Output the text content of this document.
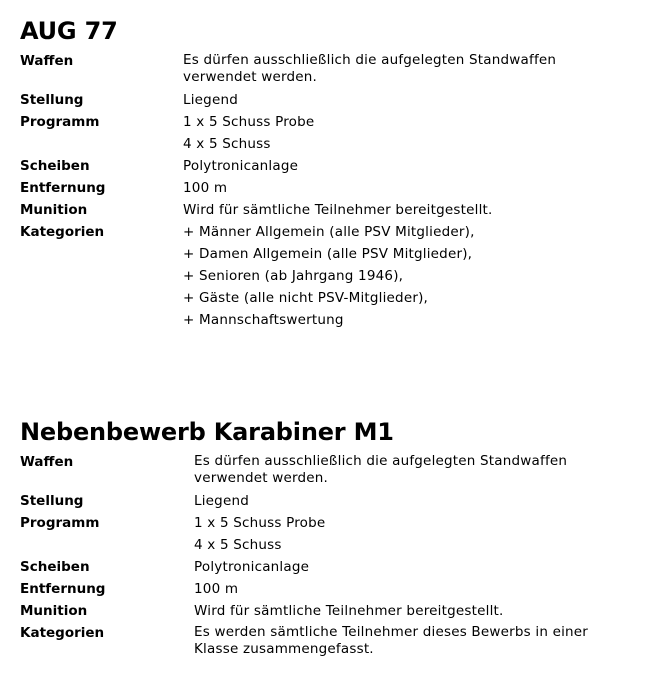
AUG 77
Waffen	Es dürfen ausschließlich die aufgelegten Standwaffen
verwendet werden.
Stellung	Liegend
Programm	1 x 5 Schuss Probe
4 x 5 Schuss
Scheiben	Polytronicanlage
Entfernung	100 m
Munition	Wird für sämtliche Teilnehmer bereitgestellt.
Kategorien	+ Männer Allgemein (alle PSV Mitglieder),
+ Damen Allgemein (alle PSV Mitglieder),
+ Senioren (ab Jahrgang 1946),
+ Gäste (alle nicht PSV-Mitglieder),
+ Mannschaftswertung
Nebenbewerb Karabiner M1
Waffen	Es dürfen ausschließlich die aufgelegten Standwaffen
verwendet werden.
Stellung	Liegend
Programm	1 x 5 Schuss Probe
4 x 5 Schuss
Scheiben	Polytronicanlage
Entfernung	100 m
Munition	Wird für sämtliche Teilnehmer bereitgestellt.
Kategorien	Es werden sämtliche Teilnehmer dieses Bewerbs in einer
Klasse zusammengefasst.
